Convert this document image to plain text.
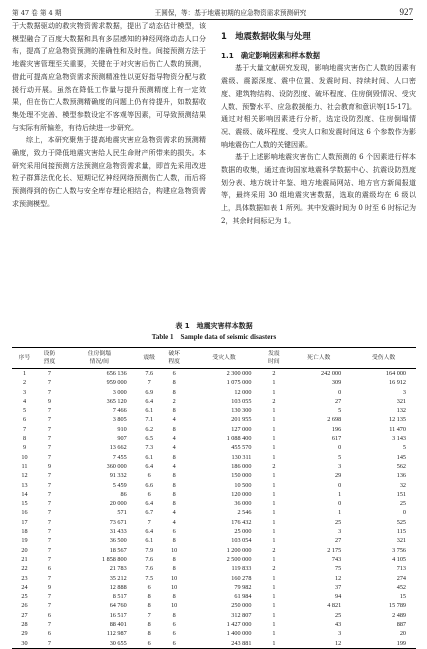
第 47 卷 第 4 期	王圆保，等：基于地震初期的应急物资需求预测研究	927

于大数据驱动的救灾物资需求数据，提出了动态估计模型，该模型融合了百度大数据和具有多层感知的神经网络动态人口分布，提高了应急物资预测的准确性和及时性。间接预测方法于地震灾害管理至关重要，关键在于对灾害后伤亡人数的预测，借此可提高应急物资需求预测精准性以更好指导物资分配与救援行动开展。虽然在降低工作量与提升预测精度上有一定效果，但在伤亡人数预测精确度的问题上仍有待提升，如数据收集处理不完善、模型参数设定不客观等因素，可导致预测结果与实际有所偏差，有待后续进一步研究。

综上，本研究聚焦于提高地震灾害应急物资需求的预测精确度，致力于降低地震灾害给人民生命财产所带来的损失。本研究采用间接预测方法预测应急物资需求量，即首先采用改进粒子群算法优化长、短期记忆神经网络预测伤亡人数，而后将预测得到的伤亡人数与安全库存理论相结合，构建应急物资需求预测模型。

1　地震数据收集与处理
1.1　确定影响因素和样本数据

基于大量文献研究发现，影响地震灾害伤亡人数的因素有震级、震源深度、震中位置、发震时间、持续时间、人口密度、建筑物结构、设防烈度、破坏程度、住房倒毁情况、受灾人数、预警水平、应急救援能力、社会教育和意识等[15-17]。通过对相关影响因素进行分析，选定设防烈度、住房倒塌情况、震级、破坏程度、受灾人口和发震时间这 6 个参数作为影响地震伤亡人数的关键因素。

基于上述影响地震灾害伤亡人数预测的 6 个因素进行样本数据的收集，通过查询国家地震科学数据中心、抗震设防烈度划分表、地方统计年鉴、地方地震局网站、地方官方新闻报道等，最终采用 30 组地震灾害数据，选取的震级均在 6 级以上，具体数据如表 1 所列。其中发震时间为 0 时至 6 时标记为 2，其余时间标记为 1。

表 1　地震灾害样本数据
Table 1　Sample data of seismic disasters
序号	设防
烈度	住房倒塌
情况/间	震级	破坏
程度	受灾人数	发震
时间	死亡人数	受伤人数
1	7	656 136	7.6	6	2 300 000	2	242 000	164 000
2	7	959 000	7	8	1 075 000	1	309	16 912
3	7	3 000	6.9	8	12 000	1	0	3
4	9	365 120	6.4	2	103 055	2	27	321
5	7	7 466	6.1	8	130 300	1	5	132
6	7	3 805	7.1	4	201 955	1	2 698	12 135
7	7	910	6.2	8	127 000	1	196	11 470
8	7	907	6.5	4	1 088 400	1	617	3 143
9	7	13 662	7.3	4	455 570	1	0	5
10	7	7 455	6.1	8	130 311	1	5	145
11	9	360 000	6.4	4	186 000	2	3	562
12	7	91 332	6	8	150 000	1	29	136
13	7	5 459	6.6	8	10 500	1	0	32
14	7	86	6	8	120 000	1	1	151
15	7	20 000	6.4	8	36 000	1	0	25
16	7	571	6.7	4	2 546	1	1	0
17	7	73 671	7	4	176 432	1	25	525
18	7	31 433	6.4	6	25 000	1	3	115
19	7	36 500	6.1	8	103 054	1	27	321
20	7	18 567	7.9	10	1 200 000	2	2 175	3 756
21	7	1 858 800	7.6	8	2 500 000	1	743	4 105
22	6	21 783	7.6	8	119 833	2	75	713
23	7	35 212	7.5	10	160 278	1	12	274
24	9	12 888	6	10	79 982	1	37	452
25	7	8 517	8	8	61 984	1	94	15
26	7	64 760	8	10	250 000	1	4 821	15 789
27	6	16 517	7	8	312 807	1	25	2 489
28	7	88 401	8	6	1 427 000	1	43	887
29	6	112 987	8	6	1 400 000	1	3	20
30	7	30 655	6	6	243 881	1	12	199
